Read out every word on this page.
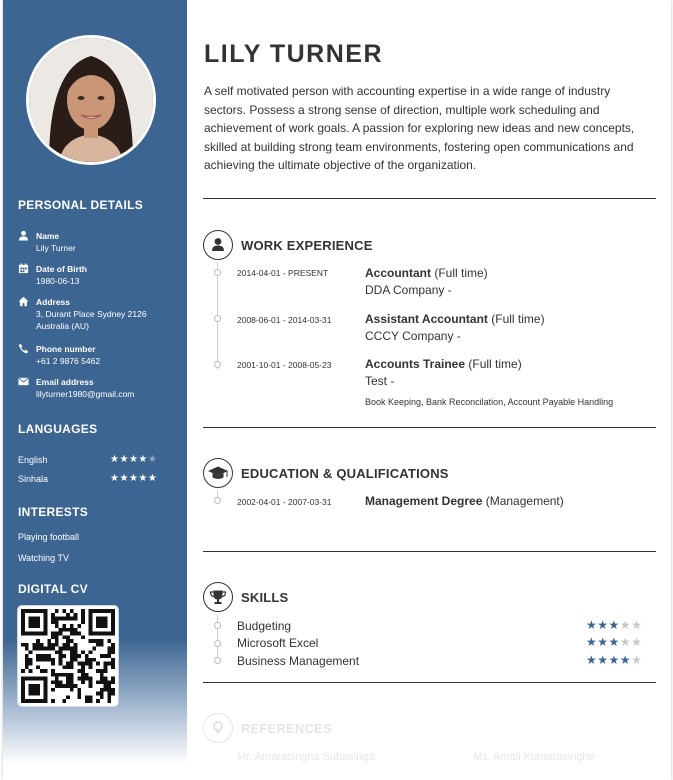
PERSONAL DETAILS
Name
Lily Turner
Date of Birth
1980-06-13
Address
3, Durant Place Sydney 2126 Australia (AU)
Phone number
+61 2 9876 5462
Email address
lilyturner1980@gmail.com
LANGUAGES
English	★★★★★
Sinhala	★★★★★
INTERESTS
Playing football
Watching TV
DIGITAL CV
LILY TURNER
A self motivated person with accounting expertise in a wide range of industry sectors. Possess a strong sense of direction, multiple work scheduling and achievement of work goals. A passion for exploring new ideas and new concepts, skilled at building strong team environments, fostering open communications and achieving the ultimate objective of the organization.
WORK EXPERIENCE
2014-04-01 - PRESENT	Accountant (Full time)
DDA Company -
2008-06-01 - 2014-03-31	Assistant Accountant (Full time)
CCCY Company -
2001-10-01 - 2008-05-23	Accounts Trainee (Full time)
Test -
Book Keeping, Bank Reconcilation, Account Payable Handling
EDUCATION & QUALIFICATIONS
2002-04-01 - 2007-03-31	Management Degree (Management)
SKILLS
Budgeting	★★★★★
Microsoft Excel	★★★★★
Business Management	★★★★★
REFERENCES
Mr. Amarasingha Subasinga	Ms. Amali Kumarasinghe
